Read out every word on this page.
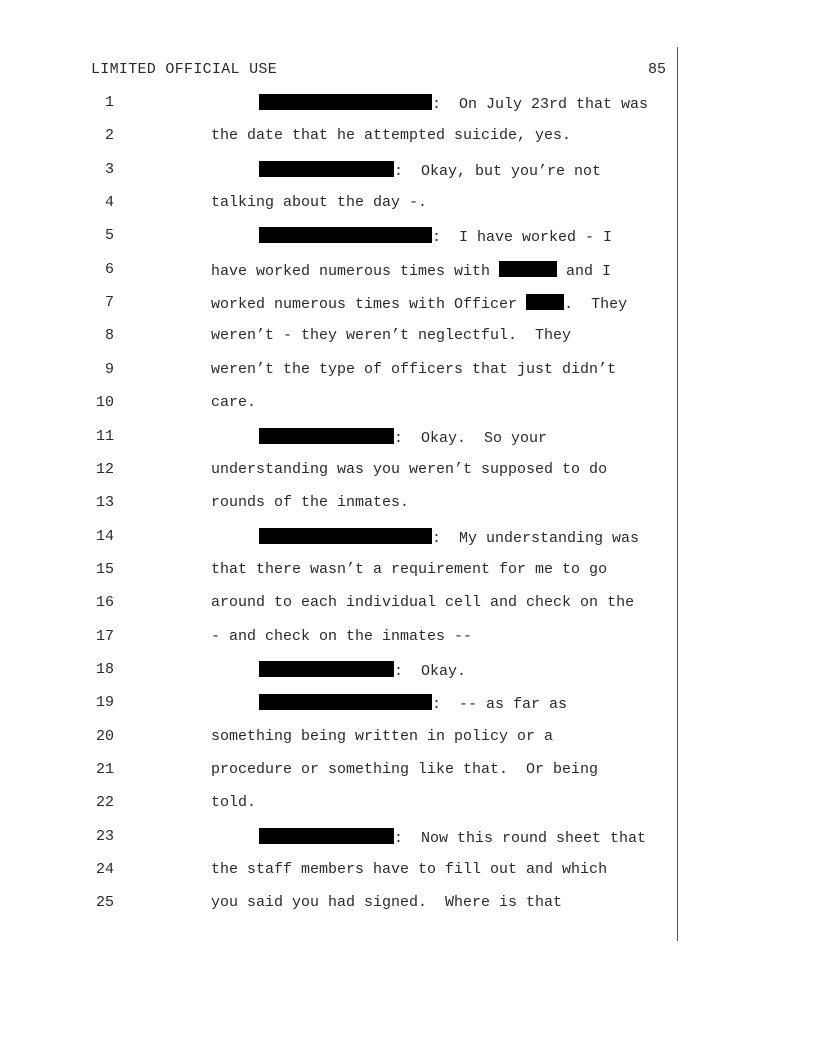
LIMITED OFFICIAL USE	85
1	:  On July 23rd that was
2	the date that he attempted suicide, yes.
3	:  Okay, but you’re not
4	talking about the day -.
5	:  I have worked - I
6	have worked numerous times with	and I
7	worked numerous times with Officer	.  They
8	weren’t - they weren’t neglectful.  They
9	weren’t the type of officers that just didn’t
10	care.
11	:  Okay.  So your
12	understanding was you weren’t supposed to do
13	rounds of the inmates.
14	:  My understanding was
15	that there wasn’t a requirement for me to go
16	around to each individual cell and check on the
17	- and check on the inmates --
18	:  Okay.
19	:  -- as far as
20	something being written in policy or a
21	procedure or something like that.  Or being
22	told.
23	:  Now this round sheet that
24	the staff members have to fill out and which
25	you said you had signed.  Where is that
